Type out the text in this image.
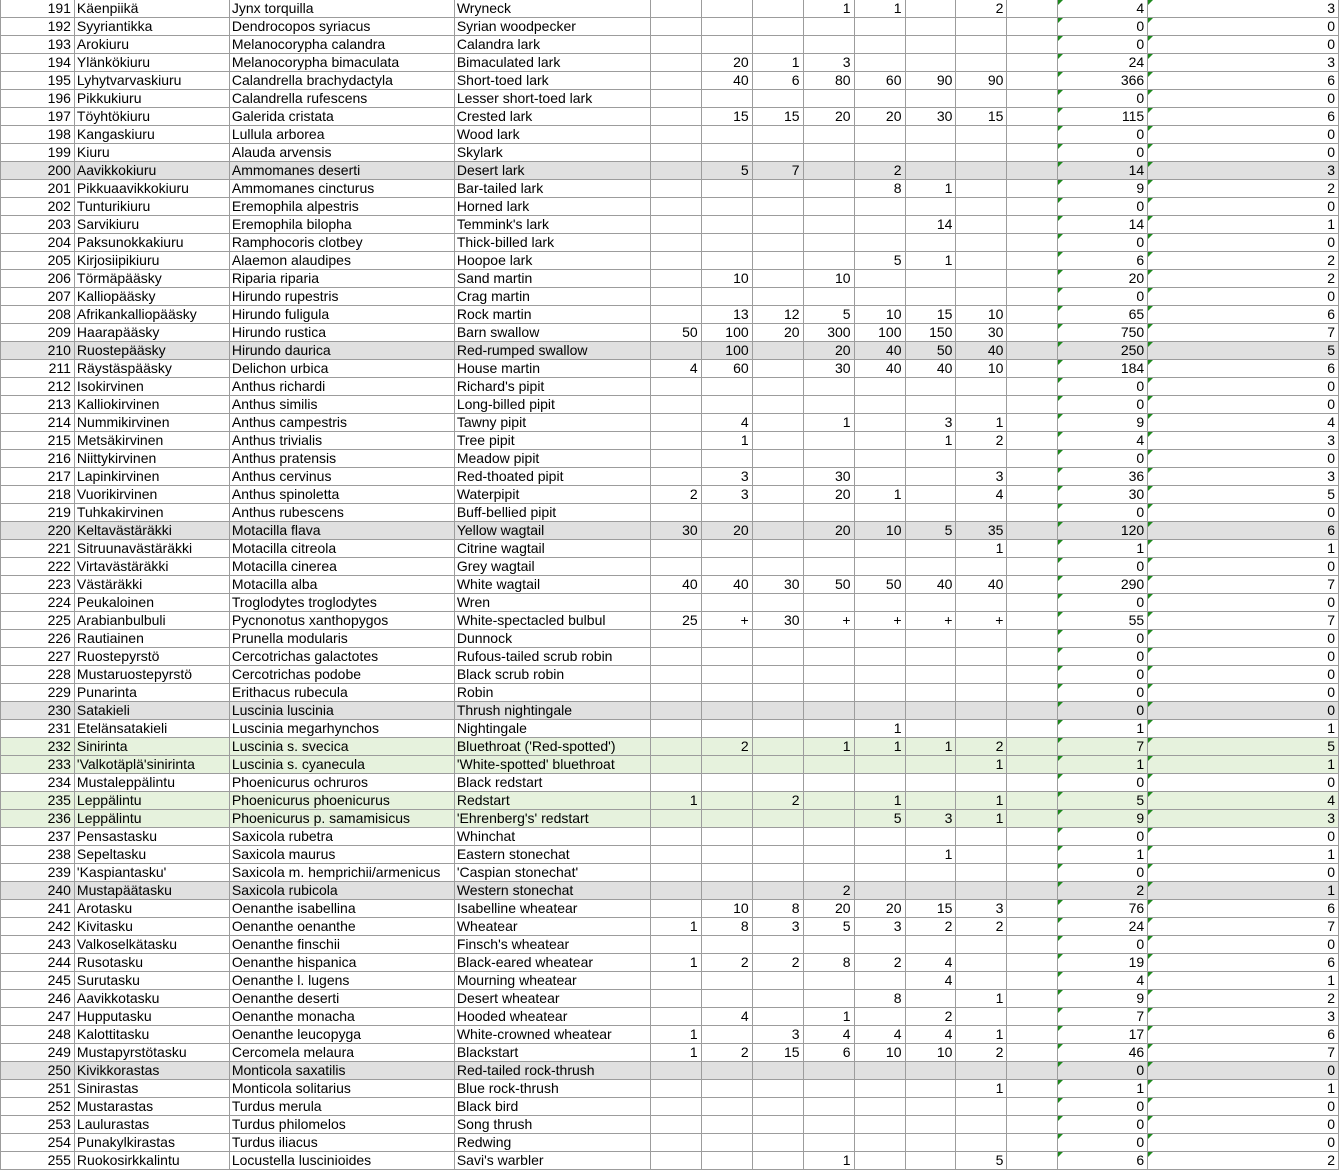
191	Käenpiikä	Jynx torquilla	Wryneck				1	1		2		4	3
192	Syyriantikka	Dendrocopos syriacus	Syrian woodpecker									0	0
193	Arokiuru	Melanocorypha calandra	Calandra lark									0	0
194	Ylänkökiuru	Melanocorypha bimaculata	Bimaculated lark		20	1	3					24	3
195	Lyhytvarvaskiuru	Calandrella brachydactyla	Short-toed lark		40	6	80	60	90	90		366	6
196	Pikkukiuru	Calandrella rufescens	Lesser short-toed lark									0	0
197	Töyhtökiuru	Galerida cristata	Crested lark		15	15	20	20	30	15		115	6
198	Kangaskiuru	Lullula arborea	Wood lark									0	0
199	Kiuru	Alauda arvensis	Skylark									0	0
200	Aavikkokiuru	Ammomanes deserti	Desert lark		5	7		2				14	3
201	Pikkuaavikkokiuru	Ammomanes cincturus	Bar-tailed lark					8	1			9	2
202	Tunturikiuru	Eremophila alpestris	Horned lark									0	0
203	Sarvikiuru	Eremophila bilopha	Temmink's lark						14			14	1
204	Paksunokkakiuru	Ramphocoris clotbey	Thick-billed lark									0	0
205	Kirjosiipikiuru	Alaemon alaudipes	Hoopoe lark					5	1			6	2
206	Törmäpääsky	Riparia riparia	Sand martin		10		10					20	2
207	Kalliopääsky	Hirundo rupestris	Crag martin									0	0
208	Afrikankalliopääsky	Hirundo fuligula	Rock martin		13	12	5	10	15	10		65	6
209	Haarapääsky	Hirundo rustica	Barn swallow	50	100	20	300	100	150	30		750	7
210	Ruostepääsky	Hirundo daurica	Red-rumped swallow		100		20	40	50	40		250	5
211	Räystäspääsky	Delichon urbica	House martin	4	60		30	40	40	10		184	6
212	Isokirvinen	Anthus richardi	Richard's pipit									0	0
213	Kalliokirvinen	Anthus similis	Long-billed pipit									0	0
214	Nummikirvinen	Anthus campestris	Tawny pipit		4		1		3	1		9	4
215	Metsäkirvinen	Anthus trivialis	Tree pipit		1				1	2		4	3
216	Niittykirvinen	Anthus pratensis	Meadow pipit									0	0
217	Lapinkirvinen	Anthus cervinus	Red-thoated pipit		3		30			3		36	3
218	Vuorikirvinen	Anthus spinoletta	Waterpipit	2	3		20	1		4		30	5
219	Tuhkakirvinen	Anthus rubescens	Buff-bellied pipit									0	0
220	Keltavästäräkki	Motacilla flava	Yellow wagtail	30	20		20	10	5	35		120	6
221	Sitruunavästäräkki	Motacilla citreola	Citrine wagtail							1		1	1
222	Virtavästäräkki	Motacilla cinerea	Grey wagtail									0	0
223	Västäräkki	Motacilla alba	White wagtail	40	40	30	50	50	40	40		290	7
224	Peukaloinen	Troglodytes troglodytes	Wren									0	0
225	Arabianbulbuli	Pycnonotus xanthopygos	White-spectacled bulbul	25	+	30	+	+	+	+		55	7
226	Rautiainen	Prunella modularis	Dunnock									0	0
227	Ruostepyrstö	Cercotrichas galactotes	Rufous-tailed scrub robin									0	0
228	Mustaruostepyrstö	Cercotrichas podobe	Black scrub robin									0	0
229	Punarinta	Erithacus rubecula	Robin									0	0
230	Satakieli	Luscinia luscinia	Thrush nightingale									0	0
231	Etelänsatakieli	Luscinia megarhynchos	Nightingale					1				1	1
232	Sinirinta	Luscinia s. svecica	Bluethroat ('Red-spotted')		2		1	1	1	2		7	5
233	'Valkotäplä'sinirinta	Luscinia s. cyanecula	'White-spotted' bluethroat							1		1	1
234	Mustaleppälintu	Phoenicurus ochruros	Black redstart									0	0
235	Leppälintu	Phoenicurus phoenicurus	Redstart	1		2		1		1		5	4
236	Leppälintu	Phoenicurus p. samamisicus	'Ehrenberg's' redstart					5	3	1		9	3
237	Pensastasku	Saxicola rubetra	Whinchat									0	0
238	Sepeltasku	Saxicola maurus	Eastern stonechat						1			1	1
239	'Kaspiantasku'	Saxicola m. hemprichii/armenicus	'Caspian stonechat'									0	0
240	Mustapäätasku	Saxicola rubicola	Western stonechat				2					2	1
241	Arotasku	Oenanthe isabellina	Isabelline wheatear		10	8	20	20	15	3		76	6
242	Kivitasku	Oenanthe oenanthe	Wheatear	1	8	3	5	3	2	2		24	7
243	Valkoselkätasku	Oenanthe finschii	Finsch's wheatear									0	0
244	Rusotasku	Oenanthe hispanica	Black-eared wheatear	1	2	2	8	2	4			19	6
245	Surutasku	Oenanthe l. lugens	Mourning wheatear						4			4	1
246	Aavikkotasku	Oenanthe deserti	Desert wheatear					8		1		9	2
247	Hupputasku	Oenanthe monacha	Hooded wheatear		4		1		2			7	3
248	Kalottitasku	Oenanthe leucopyga	White-crowned wheatear	1		3	4	4	4	1		17	6
249	Mustapyrstötasku	Cercomela melaura	Blackstart	1	2	15	6	10	10	2		46	7
250	Kivikkorastas	Monticola saxatilis	Red-tailed rock-thrush									0	0
251	Sinirastas	Monticola solitarius	Blue rock-thrush							1		1	1
252	Mustarastas	Turdus merula	Black bird									0	0
253	Laulurastas	Turdus philomelos	Song thrush									0	0
254	Punakylkirastas	Turdus iliacus	Redwing									0	0
255	Ruokosirkkalintu	Locustella luscinioides	Savi's warbler				1			5		6	2
